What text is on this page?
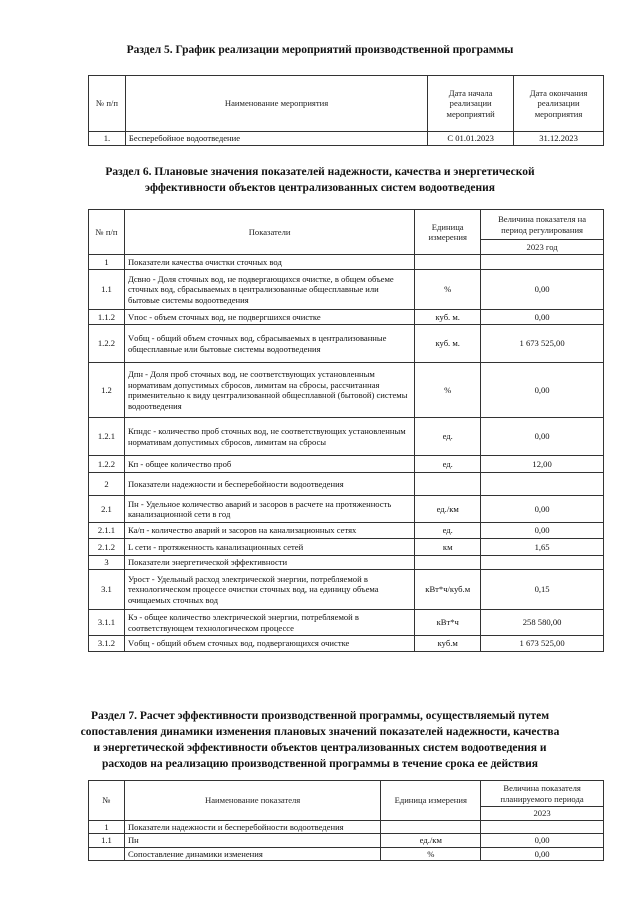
Раздел 5. График реализации мероприятий производственной программы
№ п/п	Наименование мероприятия	Дата начала реализации мероприятий	Дата окончания реализации мероприятия
1.	Бесперебойное водоотведение	С 01.01.2023	31.12.2023
Раздел 6. Плановые значения показателей надежности, качества и энергетической
эффективности объектов централизованных систем водоотведения
№ п/п	Показатели	Единица измерения	Величина показателя на период регулирования
			2023 год
1	Показатели качества очистки сточных вод		
1.1	Дсвно - Доля сточных вод, не подвергающихся очистке, в общем объеме сточных вод, сбрасываемых в централизованные общесплавные или бытовые системы водоотведения	%	0,00
1.1.2	Vпос - объем сточных вод, не подвергшихся очистке	куб. м.	0,00
1.2.2	Vобщ - общий объем сточных вод, сбрасываемых в централизованные общесплавные или бытовые системы водоотведения	куб. м.	1 673 525,00
1.2	Дпн - Доля проб сточных вод, не соответствующих установленным нормативам допустимых сбросов, лимитам на сбросы, рассчитанная применительно к виду централизованной общесплавной (бытовой) системы водоотведения	%	0,00
1.2.1	Кпндс - количество проб сточных вод, не соответствующих установленным нормативам допустимых сбросов, лимитам на сбросы	ед.	0,00
1.2.2	Кп - общее количество проб	ед.	12,00
2	Показатели надежности и бесперебойности водоотведения		
2.1	Пн - Удельное количество аварий и засоров в расчете на протяженность канализационной сети в год	ед./км	0,00
2.1.1	Ка/п - количество аварий и засоров на канализационных сетях	ед.	0,00
2.1.2	L сети - протяженность канализационных сетей	км	1,65
3	Показатели энергетической эффективности		
3.1	Урост - Удельный расход электрической энергии, потребляемой в технологическом процессе очистки сточных вод, на единицу объема очищаемых сточных вод	кВт*ч/куб.м	0,15
3.1.1	Кэ - общее количество электрической энергии, потребляемой в соответствующем технологическом процессе	кВт*ч	258 580,00
3.1.2	Vобщ - общий объем сточных вод, подвергающихся очистке	куб.м	1 673 525,00
Раздел 7. Расчет эффективности производственной программы, осуществляемый путем
сопоставления динамики изменения плановых значений показателей надежности, качества
и энергетической эффективности объектов централизованных систем водоотведения и
расходов на реализацию производственной программы в течение срока ее действия
№	Наименование показателя	Единица измерения	Величина показателя планируемого периода
			2023
1	Показатели надежности и бесперебойности водоотведения		
1.1	Пн	ед./км	0,00
	Сопоставление динамики изменения	%	0,00
